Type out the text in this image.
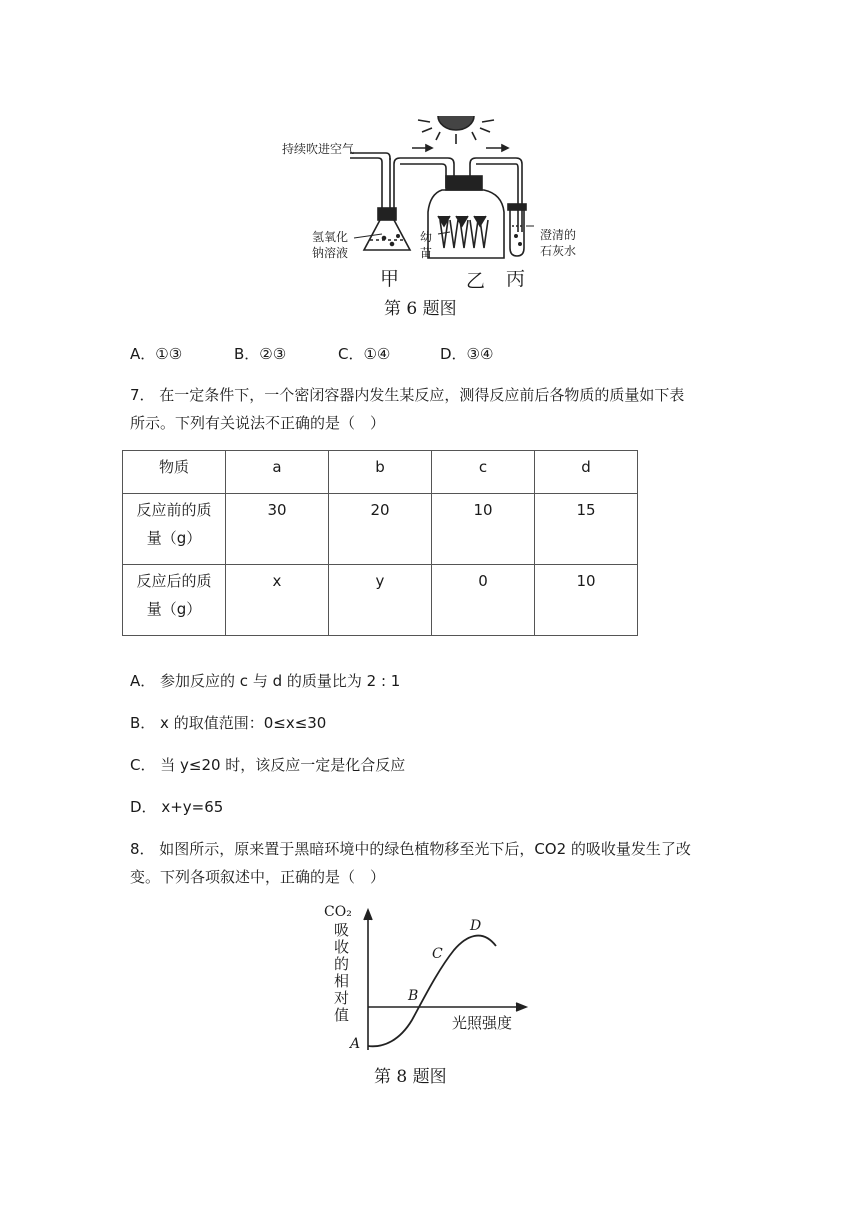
持续吹进空气
氢氧化
钠溶液
幼
苗
澄清的
石灰水
甲	乙 丙
第 6 题图
A．①③	B．②③	C．①④	D．③④
7． 在一定条件下，一个密闭容器内发生某反应，测得反应前后各物质的质量如下表
所示。下列有关说法不正确的是（　）
物质	a	b	c	d

反应前的质
量（g）	30	20	10	15

反应后的质
量（g）	x	y	0	10
A． 参加反应的 c 与 d 的质量比为 2 : 1
B． x 的取值范围：0≤x≤30
C． 当 y≤20 时，该反应一定是化合反应
D． x+y=65
8． 如图所示，原来置于黑暗环境中的绿色植物移至光下后，CO2 的吸收量发生了改
变。下列各项叙述中，正确的是（　）
CO₂
吸
收
的
相
对
值	光照强度
A
B
C
D
第 8 题图
